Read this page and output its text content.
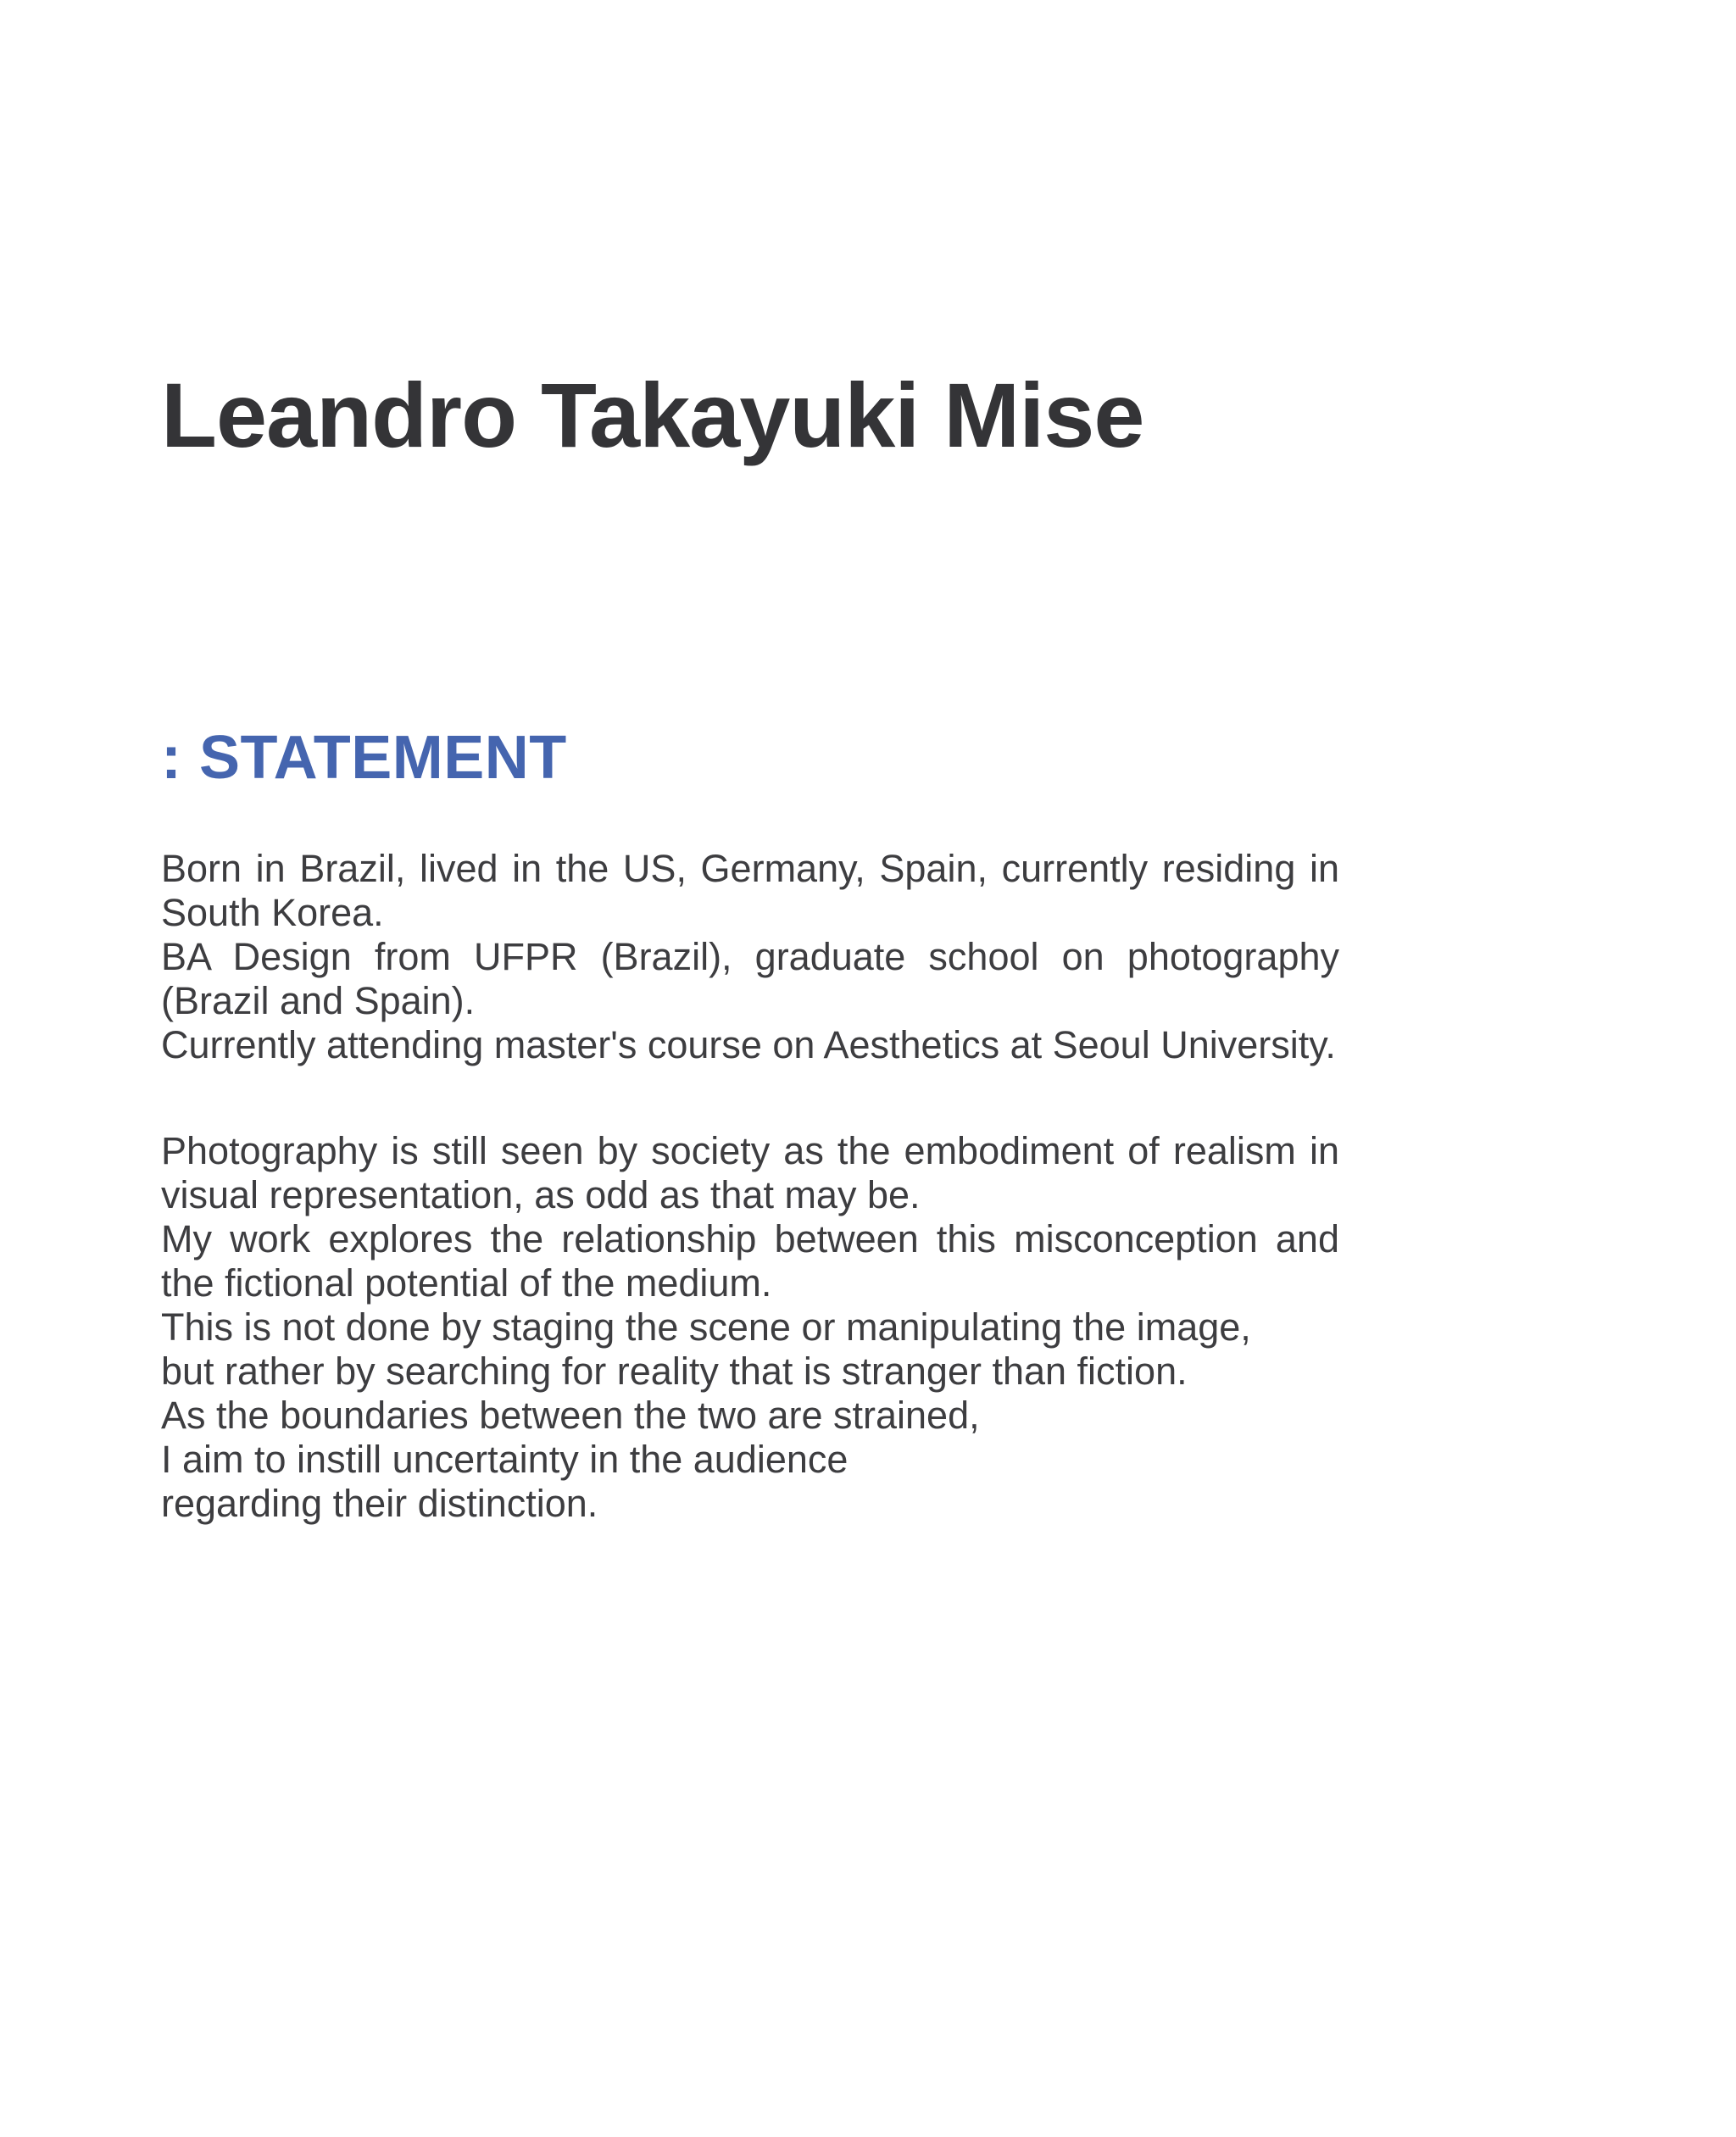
Leandro Takayuki Mise
: STATEMENT
Born in Brazil, lived in the US, Germany, Spain, currently residing in South Korea.
BA Design from UFPR (Brazil), graduate school on photography (Brazil and Spain).
Currently attending master's course on Aesthetics at Seoul University.
Photography is still seen by society as the embodiment of realism in visual representation, as odd as that may be.
My work explores the relationship between this misconception and the fictional potential of the medium.
This is not done by staging the scene or manipulating the image,
but rather by searching for reality that is stranger than fiction.
As the boundaries between the two are strained,
I aim to instill uncertainty in the audience
regarding their distinction.
